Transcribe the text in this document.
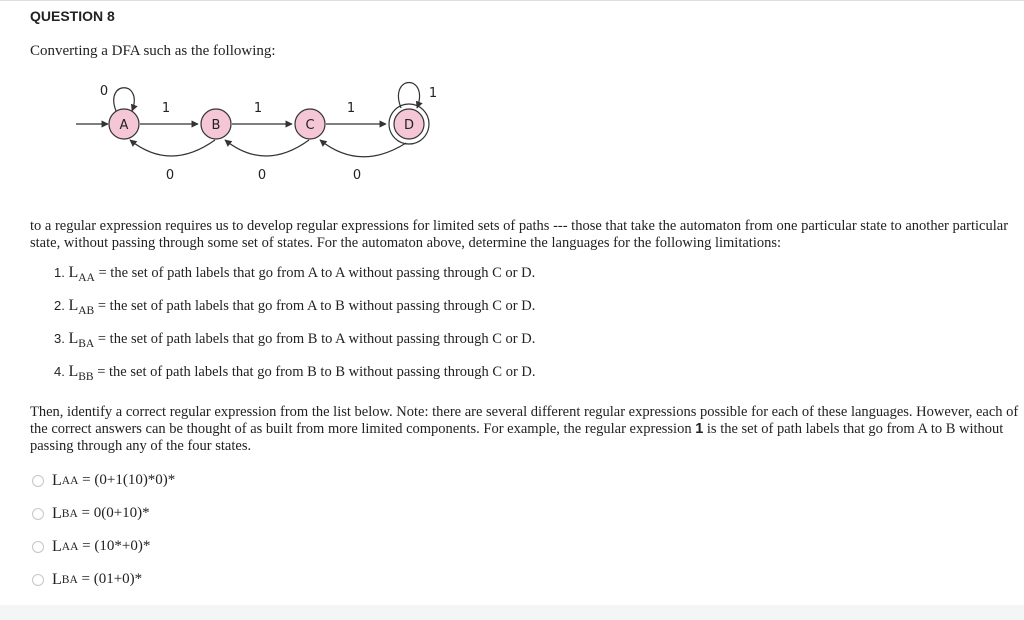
QUESTION 8
Converting a DFA such as the following:
A	B	C	D
0	1
1	1	1
0	0	0
to a regular expression requires us to develop regular expressions for limited sets of paths --- those that take the automaton from one particular state to another particular state, without passing through some set of states. For the automaton above, determine the languages for the following limitations:
1. $L_{AA}$ = the set of path labels that go from A to A without passing through C or D.
2. $L_{AB}$ = the set of path labels that go from A to B without passing through C or D.
3. $L_{BA}$ = the set of path labels that go from B to A without passing through C or D.
4. $L_{BB}$ = the set of path labels that go from B to B without passing through C or D.
Then, identify a correct regular expression from the list below. Note: there are several different regular expressions possible for each of these languages. However, each of the correct answers can be thought of as built from more limited components. For example, the regular expression 1 is the set of path labels that go from A to B without passing through any of the four states.
L AA
= (0+1(10)*0)*
L BA
= 0(0+10)*
L AA
= (10*+0)*
L BA
= (01+0)*
